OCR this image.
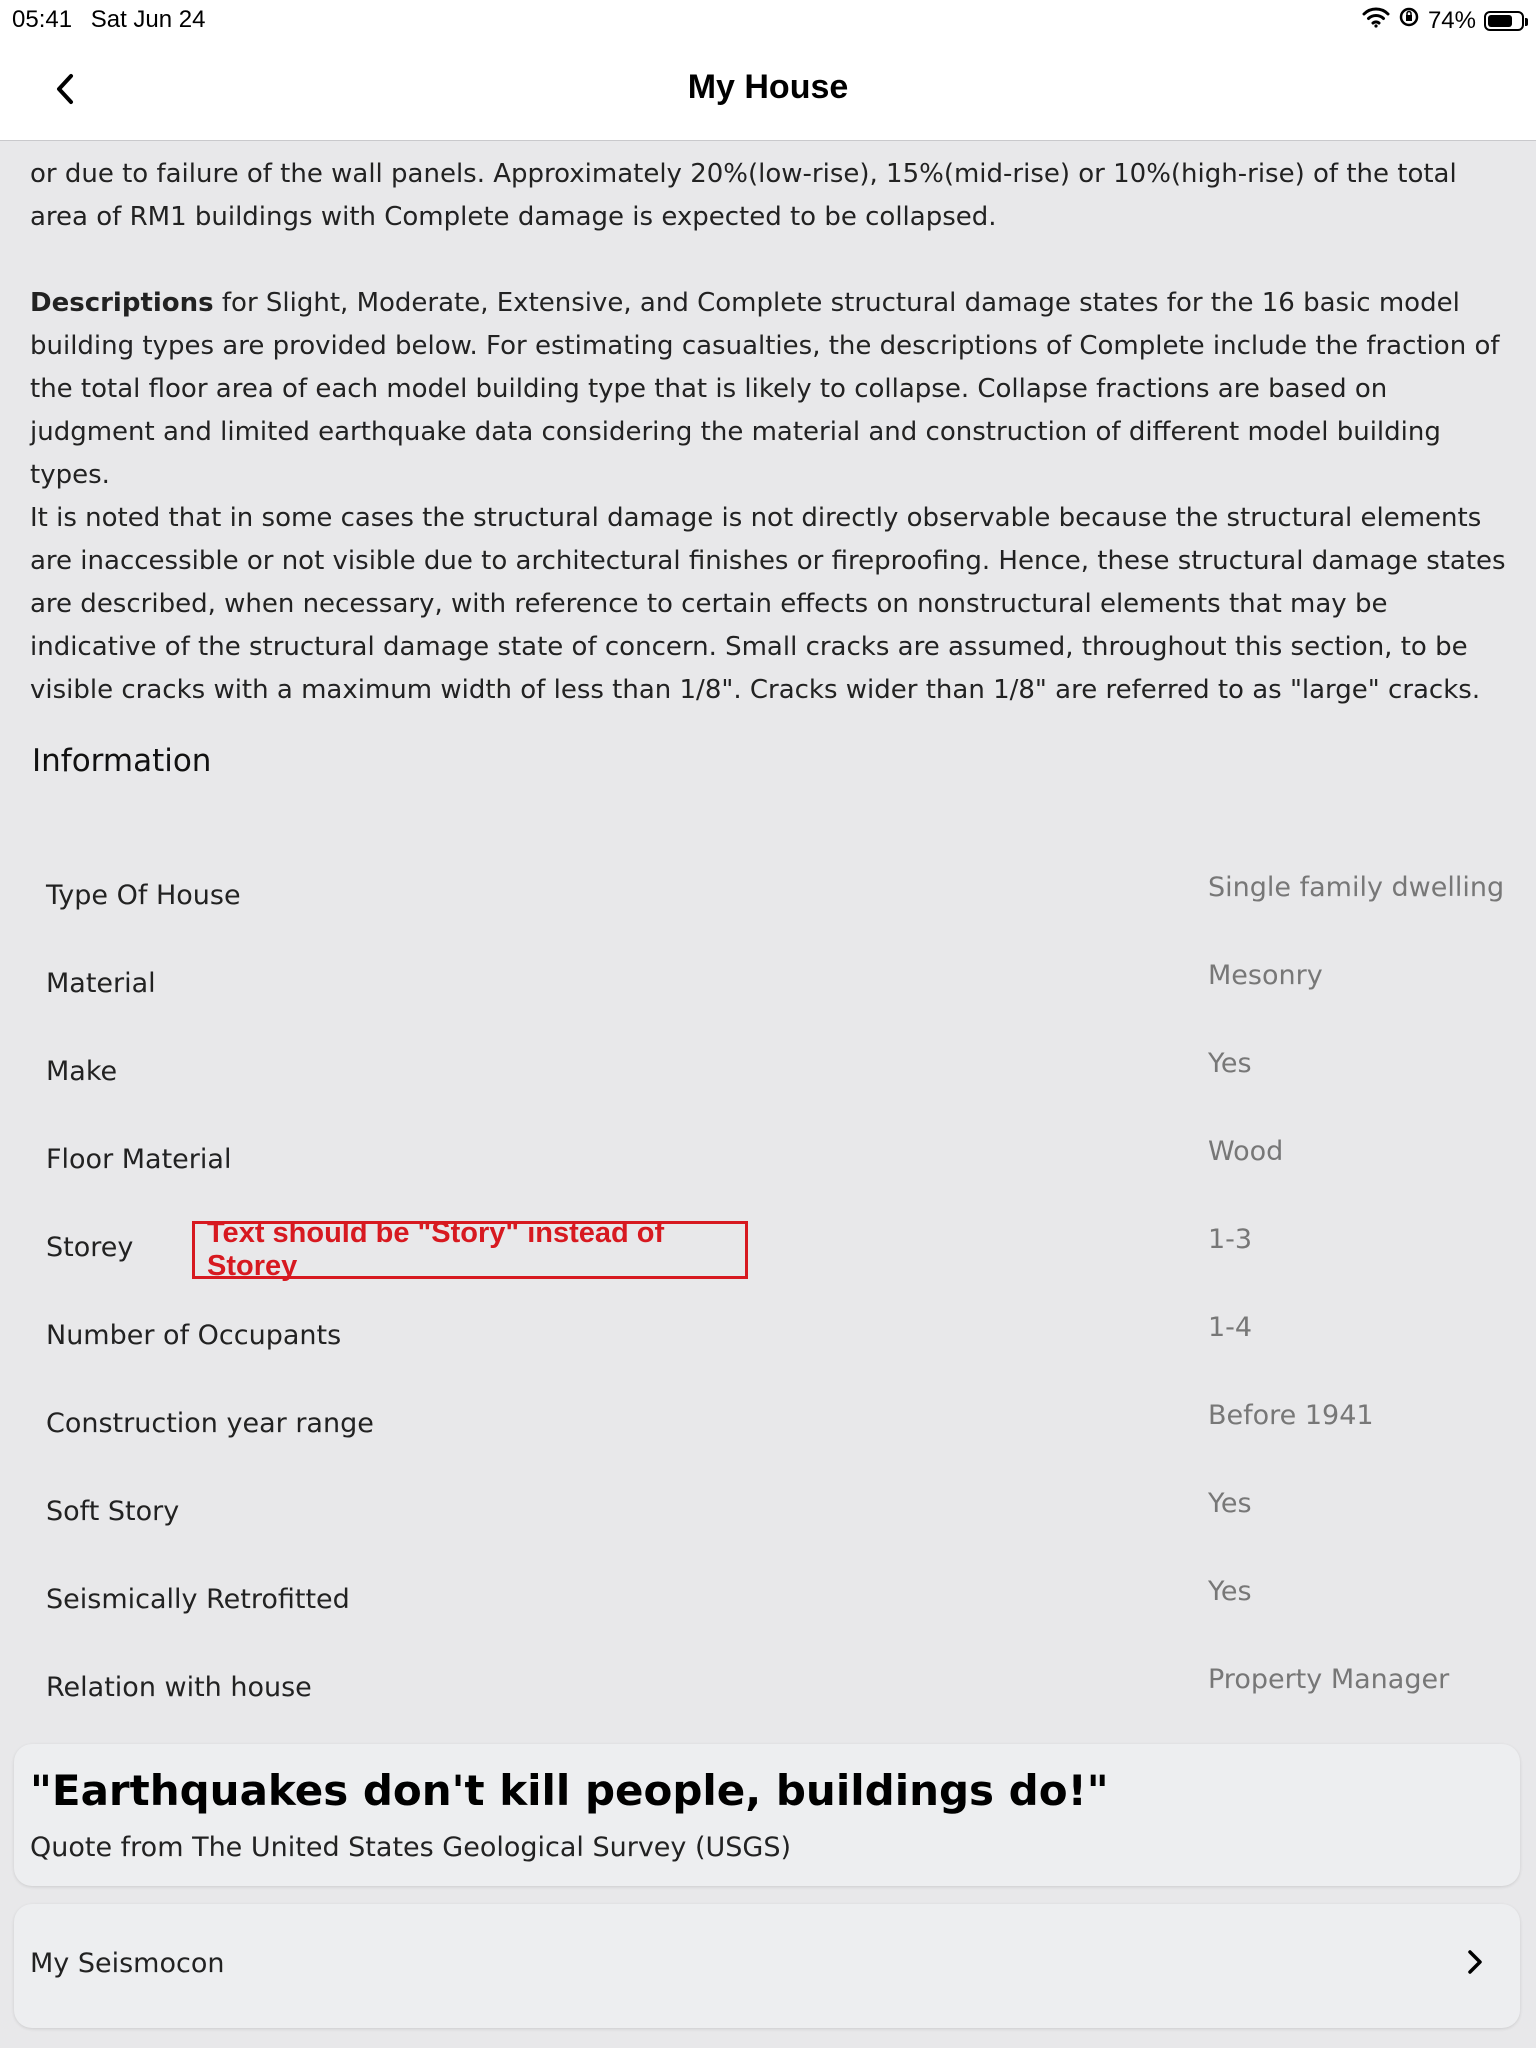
05:41 Sat Jun 24	74%
My House

or due to failure of the wall panels. Approximately 20%(low-rise), 15%(mid-rise) or 10%(high-rise) of the total area of RM1 buildings with Complete damage is expected to be collapsed.

Descriptions for Slight, Moderate, Extensive, and Complete structural damage states for the 16 basic model building types are provided below. For estimating casualties, the descriptions of Complete include the fraction of the total floor area of each model building type that is likely to collapse. Collapse fractions are based on judgment and limited earthquake data considering the material and construction of different model building types.

It is noted that in some cases the structural damage is not directly observable because the structural elements are inaccessible or not visible due to architectural finishes or fireproofing. Hence, these structural damage states are described, when necessary, with reference to certain effects on nonstructural elements that may be indicative of the structural damage state of concern. Small cracks are assumed, throughout this section, to be visible cracks with a maximum width of less than 1/8". Cracks wider than 1/8" are referred to as "large" cracks.

Information
Type Of House	Single family dwelling
Material	Mesonry
Make	Yes
Floor Material	Wood
Storey	1-3
Number of Occupants	1-4
Construction year range	Before 1941
Soft Story	Yes
Seismically Retrofitted	Yes
Relation with house	Property Manager
Text should be "Story" instead of Storey
"Earthquakes don't kill people, buildings do!"
Quote from The United States Geological Survey (USGS)
My Seismocon
